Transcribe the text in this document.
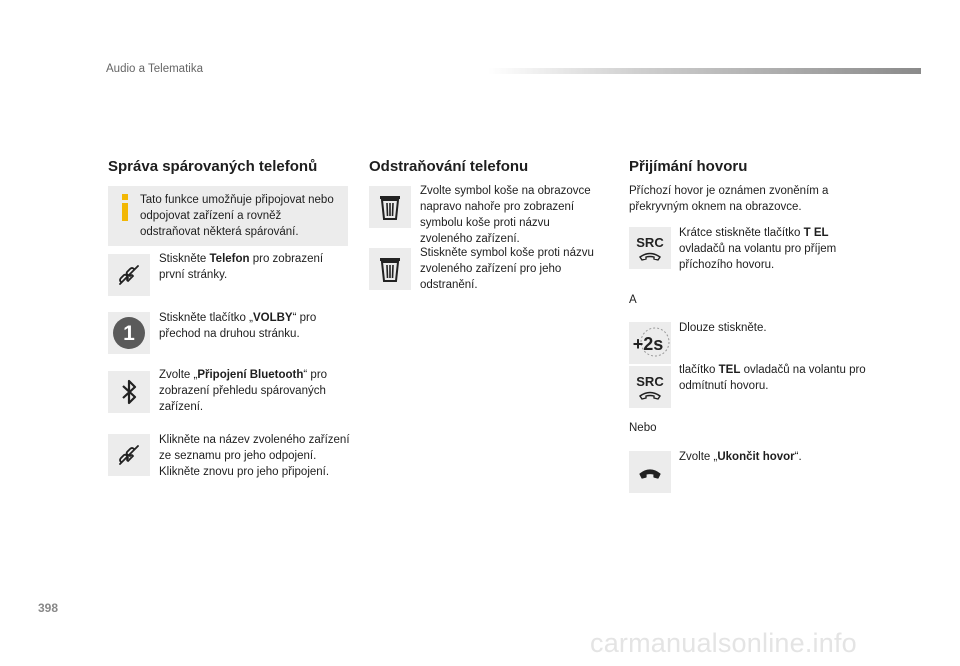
Audio a Telematika
Správa spárovaných telefonů
Tato funkce umožňuje připojovat nebo odpojovat zařízení a rovněž odstraňovat některá spárování.
Stiskněte Telefon pro zobrazení první stránky.
1
Stiskněte tlačítko „VOLBY“ pro přechod na druhou stránku.
Zvolte „Připojení Bluetooth“ pro zobrazení přehledu spárovaných zařízení.
Klikněte na název zvoleného zařízení ze seznamu pro jeho odpojení. Klikněte znovu pro jeho připojení.
Odstraňování telefonu
Zvolte symbol koše na obrazovce napravo nahoře pro zobrazení symbolu koše proti názvu zvoleného zařízení.
Stiskněte symbol koše proti názvu zvoleného zařízení pro jeho odstranění.
Přijímání hovoru
Příchozí hovor je oznámen zvoněním a překryvným oknem na obrazovce.
SRC
Krátce stiskněte tlačítko T EL ovladačů na volantu pro příjem příchozího hovoru.
A
+2s
Dlouze stiskněte.
SRC
tlačítko TEL ovladačů na volantu pro odmítnutí hovoru.
Nebo
Zvolte „Ukončit hovor“.
398
carmanualsonline.info
